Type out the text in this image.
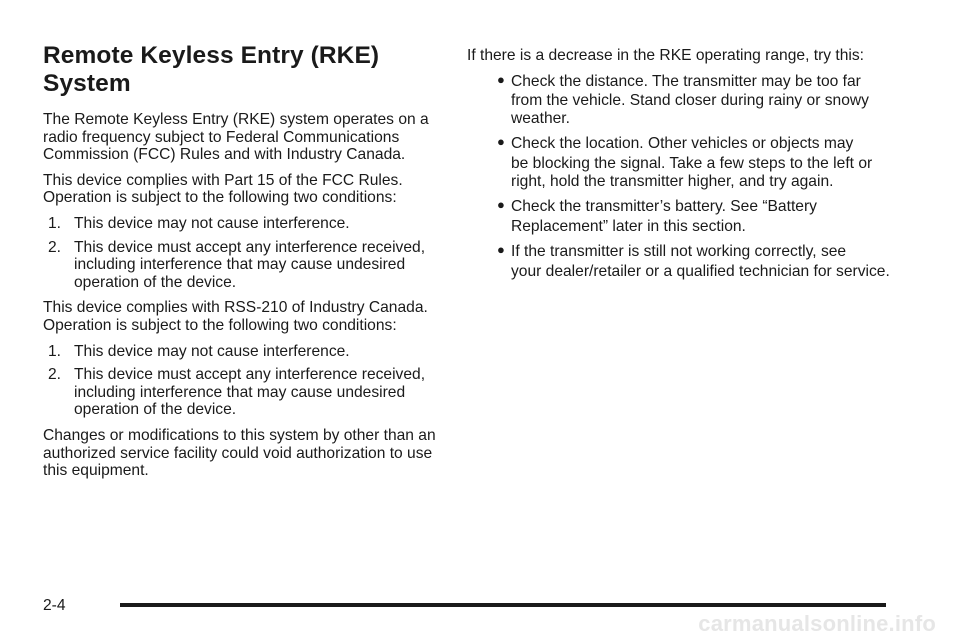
Remote Keyless Entry (RKE) System

The Remote Keyless Entry (RKE) system operates on a radio frequency subject to Federal Communications Commission (FCC) Rules and with Industry Canada.

This device complies with Part 15 of the FCC Rules. Operation is subject to the following two conditions:

1. This device may not cause interference.
2. This device must accept any interference received, including interference that may cause undesired operation of the device.

This device complies with RSS-210 of Industry Canada. Operation is subject to the following two conditions:

1. This device may not cause interference.
2. This device must accept any interference received, including interference that may cause undesired operation of the device.

Changes or modifications to this system by other than an authorized service facility could void authorization to use this equipment.

If there is a decrease in the RKE operating range, try this:

● Check the distance. The transmitter may be too far
from the vehicle. Stand closer during rainy or snowy weather.
● Check the location. Other vehicles or objects may
be blocking the signal. Take a few steps to the left or right, hold the transmitter higher, and try again.
● Check the transmitter’s battery. See “Battery
Replacement” later in this section.
● If the transmitter is still not working correctly, see
your dealer/retailer or a qualified technician for service.
2-4
carmanualsonline.info
